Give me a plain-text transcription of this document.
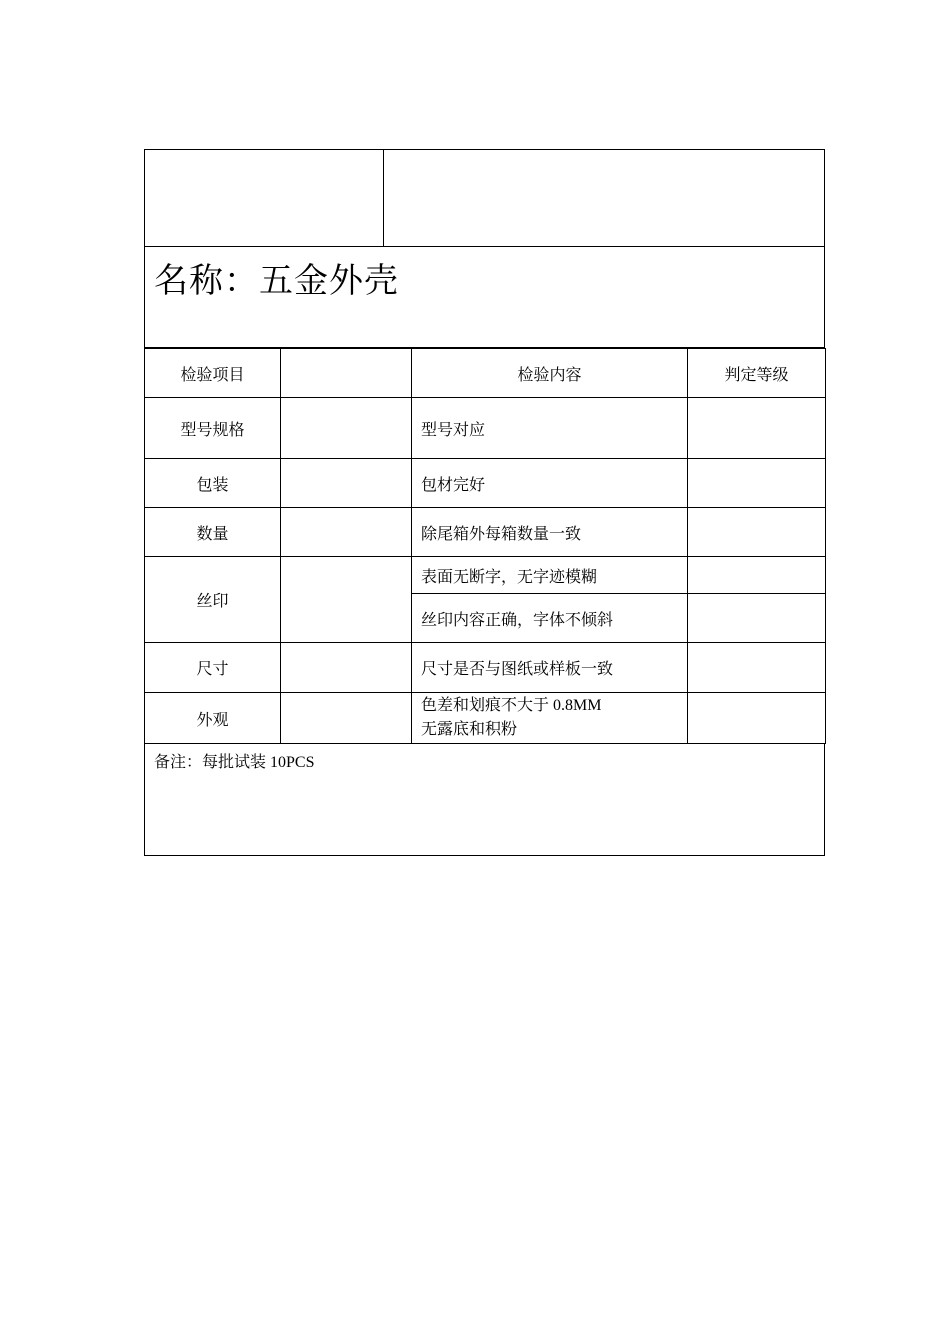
名称：五金外壳
检验项目		检验内容	判定等级
型号规格		型号对应	
包装		包材完好	
数量		除尾箱外每箱数量一致	
丝印		表面无断字，无字迹模糊	
		丝印内容正确，字体不倾斜	
尺寸		尺寸是否与图纸或样板一致	
外观		色差和划痕不大于 0.8MM
无露底和积粉	

备注：每批试装 10PCS
